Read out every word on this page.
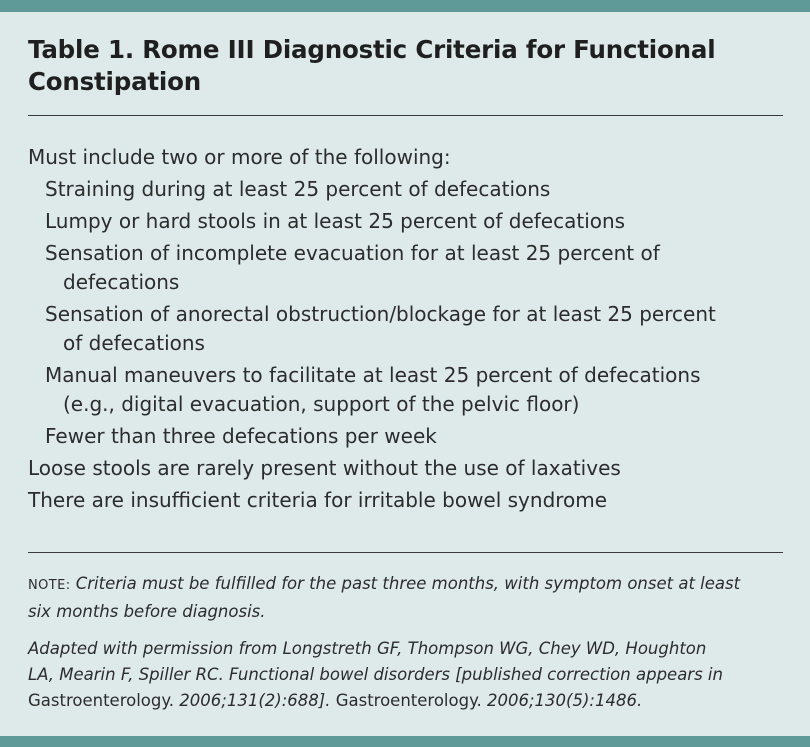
Table 1. Rome III Diagnostic Criteria for Functional
Constipation
Must include two or more of the following:
Straining during at least 25 percent of defecations
Lumpy or hard stools in at least 25 percent of defecations
Sensation of incomplete evacuation for at least 25 percent of
defecations
Sensation of anorectal obstruction/blockage for at least 25 percent
of defecations
Manual maneuvers to facilitate at least 25 percent of defecations
(e.g., digital evacuation, support of the pelvic floor)
Fewer than three defecations per week
Loose stools are rarely present without the use of laxatives
There are insufficient criteria for irritable bowel syndrome
NOTE: Criteria must be fulfilled for the past three months, with symptom onset at least
six months before diagnosis.
Adapted with permission from Longstreth GF, Thompson WG, Chey WD, Houghton
LA, Mearin F, Spiller RC. Functional bowel disorders [published correction appears in
Gastroenterology. 2006;131(2):688]. Gastroenterology. 2006;130(5):1486.
